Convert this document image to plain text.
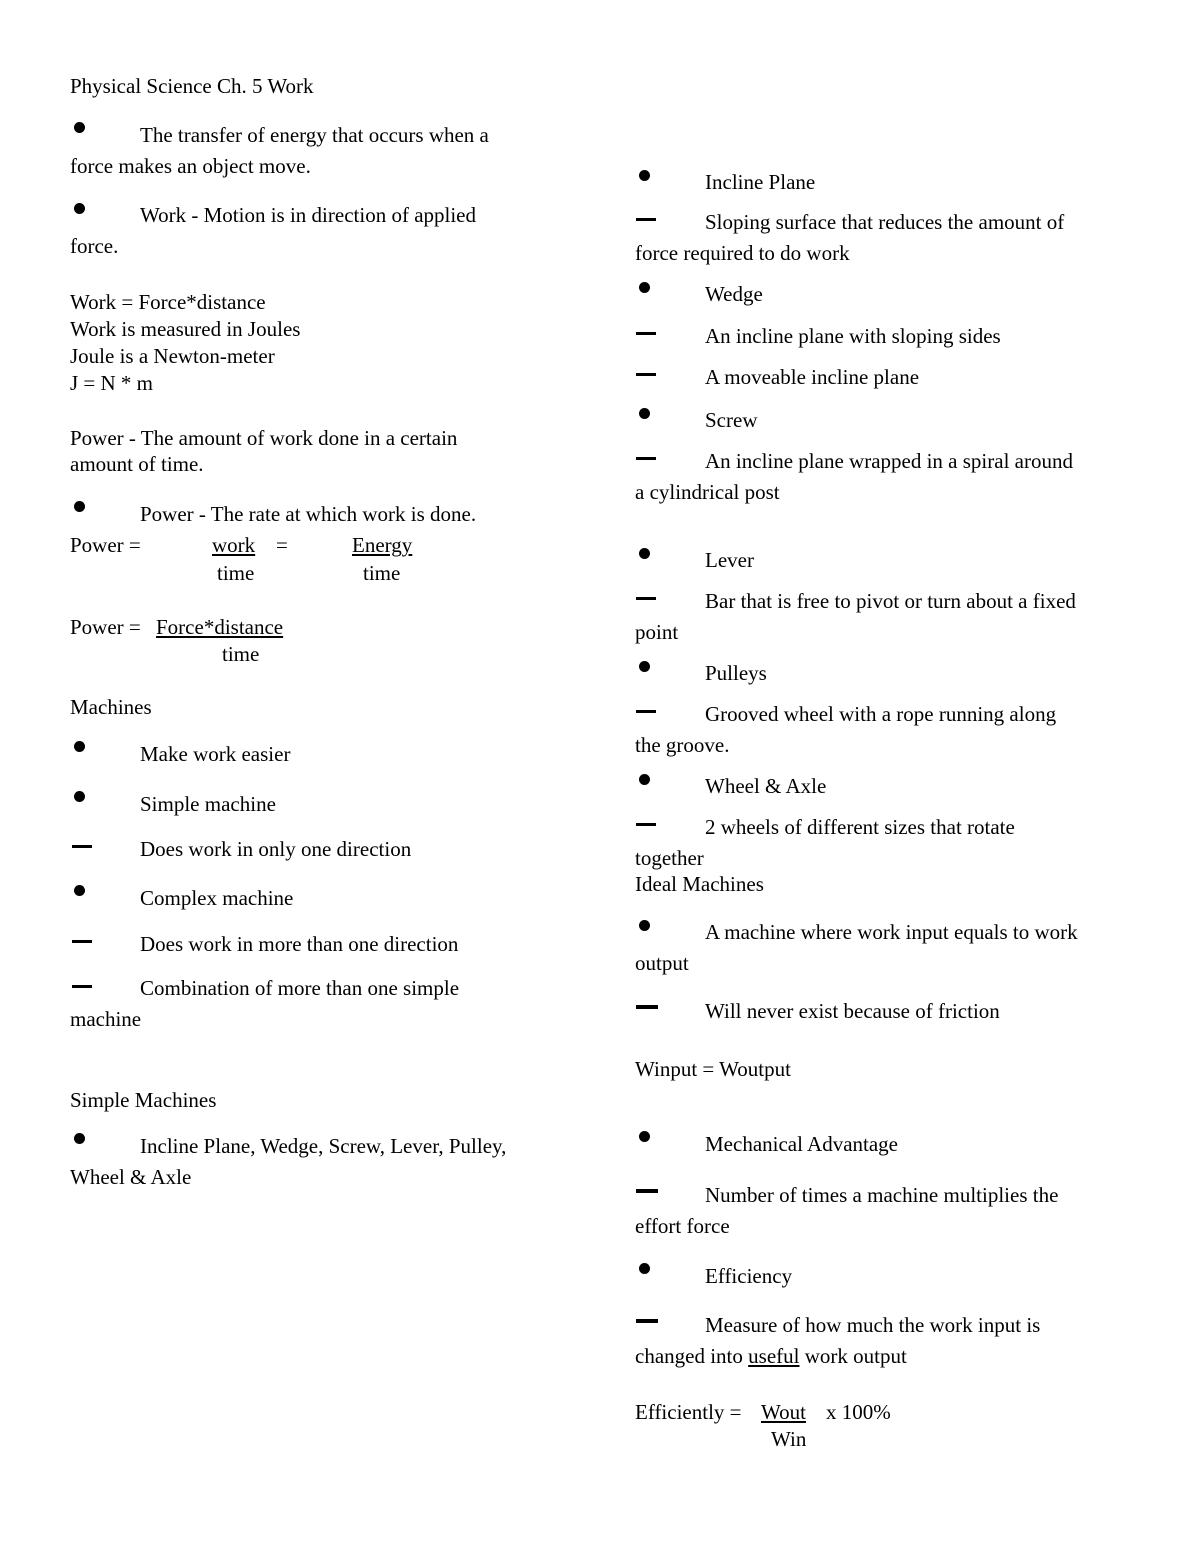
Physical Science Ch. 5 Work
The transfer of energy that occurs when a
force makes an object move.
Work - Motion is in direction of applied
force.
Work = Force*distance
Work is measured in Joules
Joule is a Newton-meter
J = N * m
Power - The amount of work done in a certain
amount of time.
Power - The rate at which work is done.
Power =	work =	Energy
time	time
Power = Force*distance
time
Machines
Make work easier
Simple machine
Does work in only one direction
Complex machine
Does work in more than one direction
Combination of more than one simple
machine
Simple Machines
Incline Plane, Wedge, Screw, Lever, Pulley,
Wheel & Axle
Incline Plane
Sloping surface that reduces the amount of
force required to do work
Wedge
An incline plane with sloping sides
A moveable incline plane
Screw
An incline plane wrapped in a spiral around
a cylindrical post
Lever
Bar that is free to pivot or turn about a fixed
point
Pulleys
Grooved wheel with a rope running along
the groove.
Wheel & Axle
2 wheels of different sizes that rotate
together
Ideal Machines
A machine where work input equals to work
output
Will never exist because of friction
Winput = Woutput
Mechanical Advantage
Number of times a machine multiplies the
effort force
Efficiency
Measure of how much the work input is
changed into useful work output
Efficiently = Wout x 100%
Win
